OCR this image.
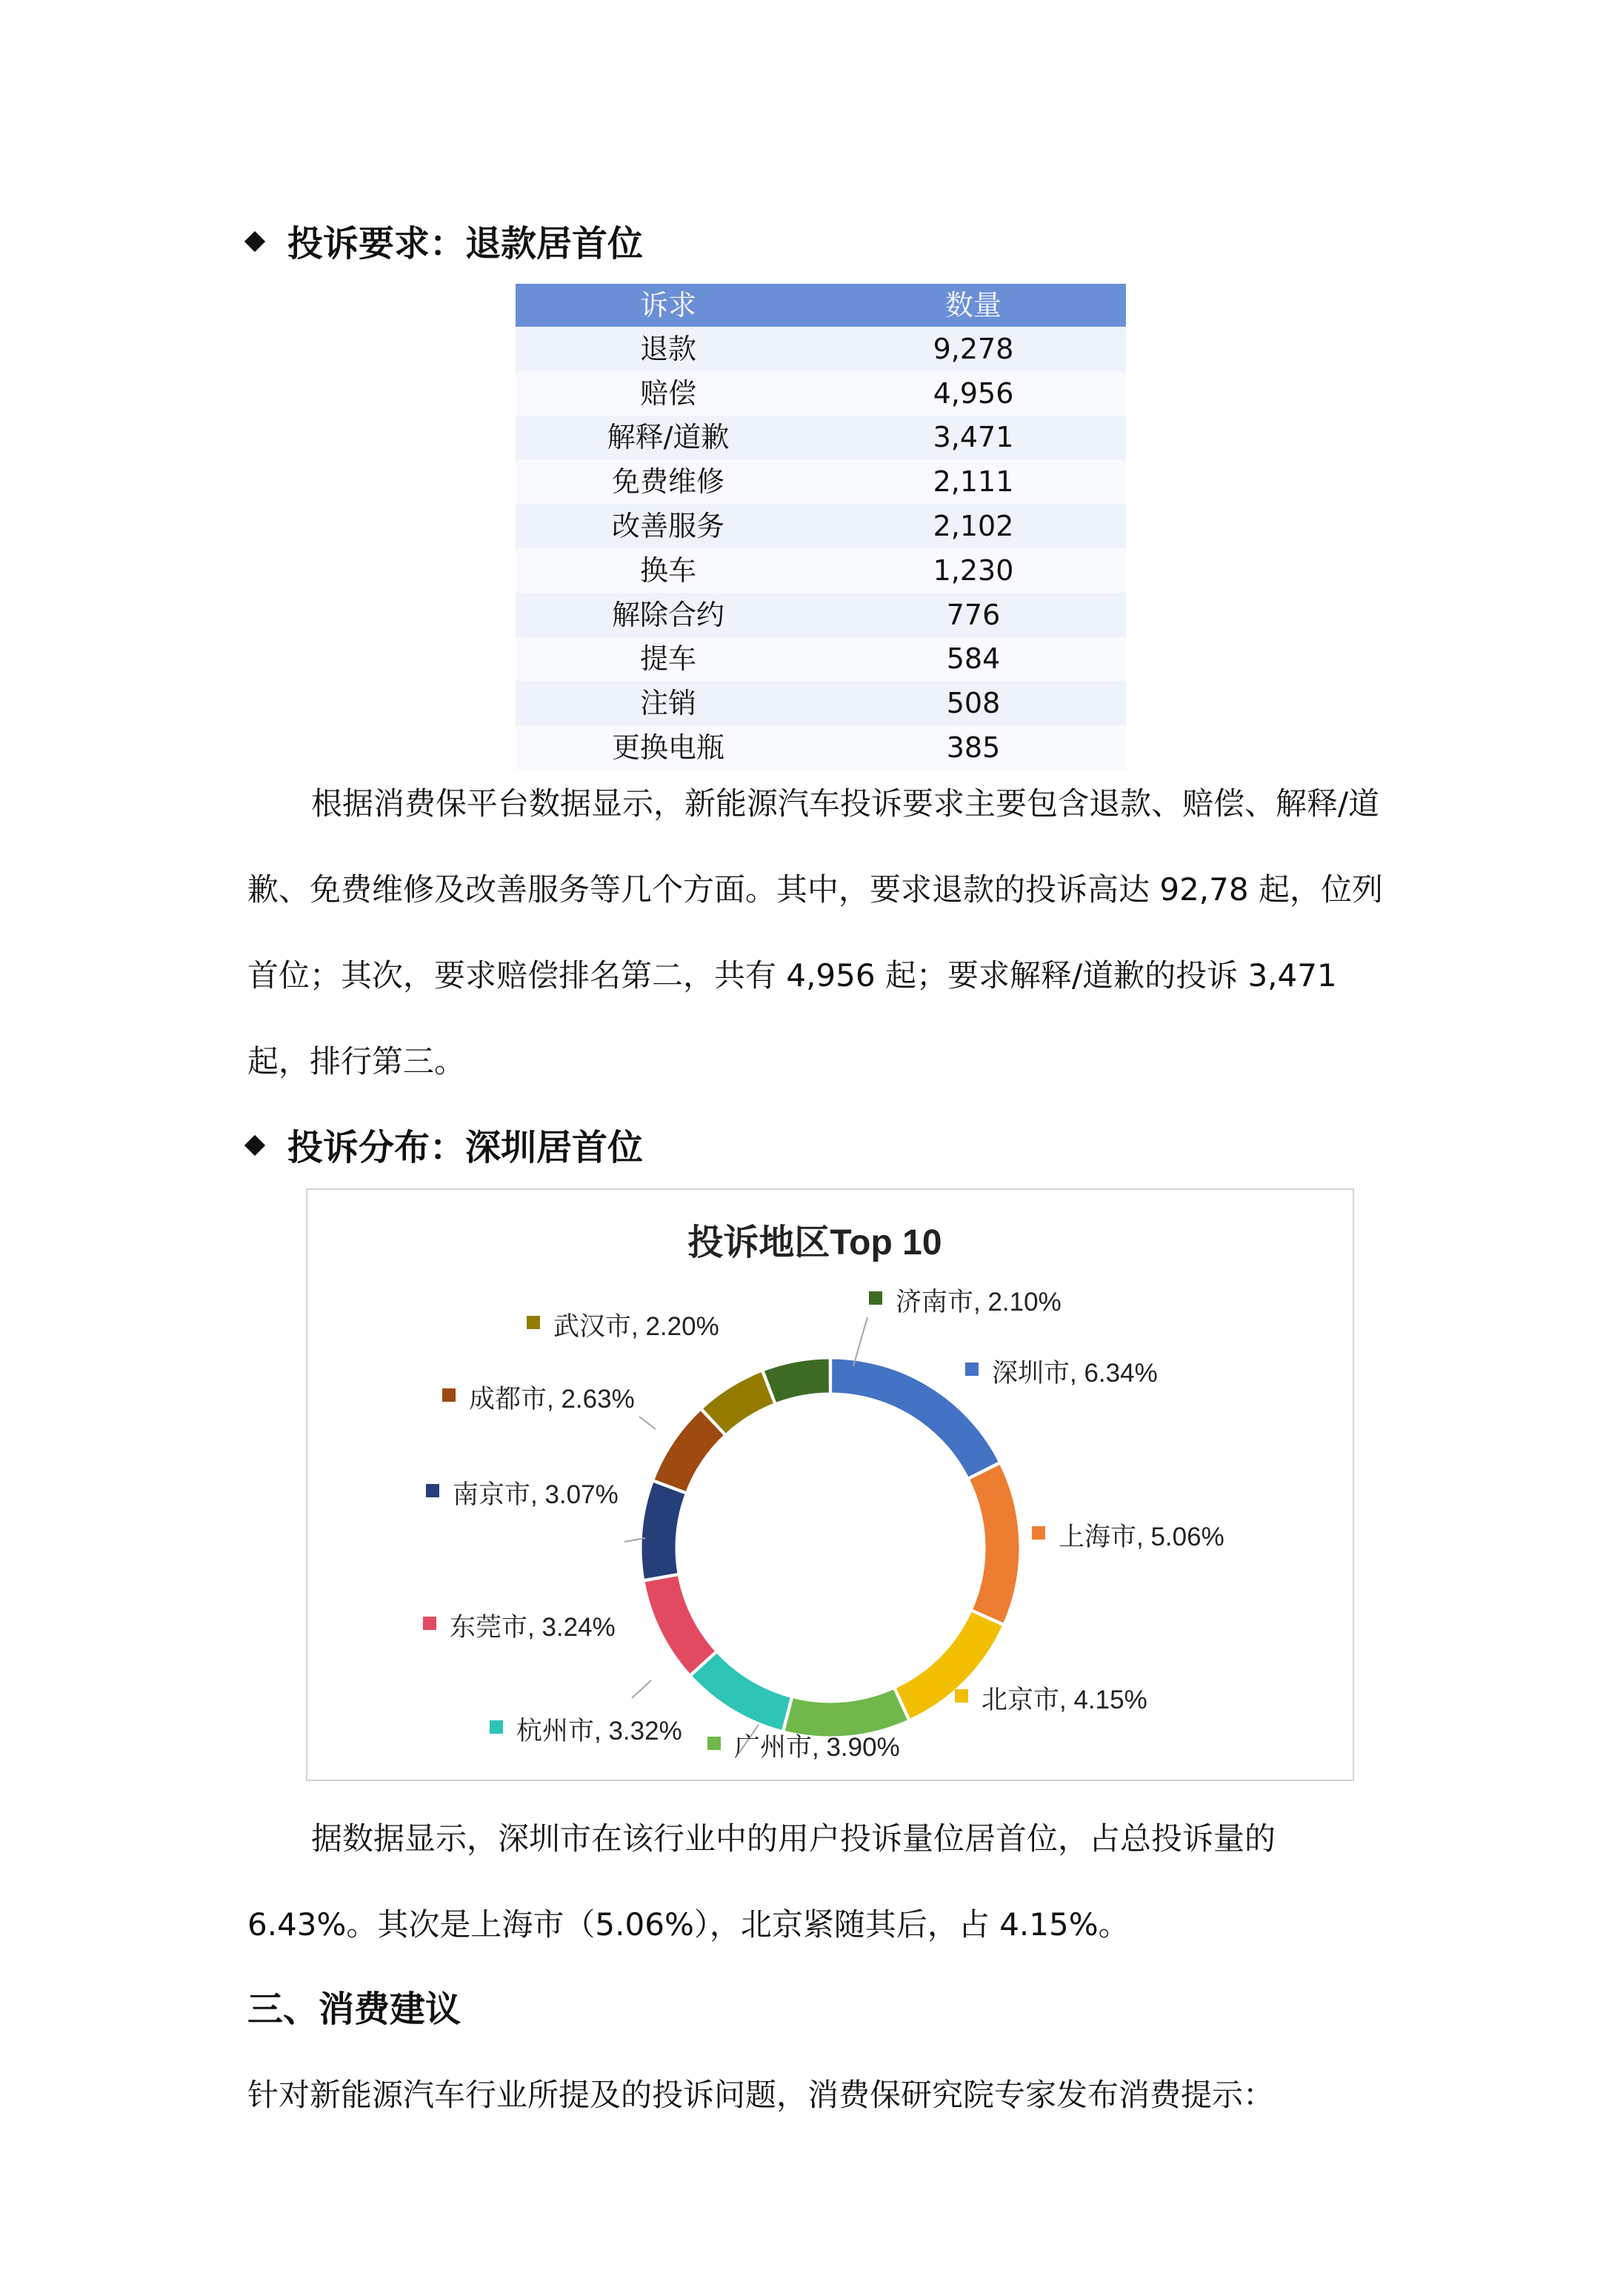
投诉要求：退款居首位
诉求	数量
退款	9,278
赔偿	4,956
解释/道歉	3,471
免费维修	2,111
改善服务	2,102
换车	1,230
解除合约	776
提车	584
注销	508
更换电瓶	385

根据消费保平台数据显示，新能源汽车投诉要求主要包含退款、赔偿、解释/道歉、免费维修及改善服务等几个方面。其中，要求退款的投诉高达 92,78 起，位列首位；其次，要求赔偿排名第二，共有 4,956 起；要求解释/道歉的投诉 3,471 起，排行第三。

投诉分布：深圳居首位
投诉地区Top 10
深圳市, 6.34%
上海市, 5.06%
北京市, 4.15%
广州市, 3.90%
杭州市, 3.32%
东莞市, 3.24%
南京市, 3.07%
成都市, 2.63%
武汉市, 2.20%
济南市, 2.10%

据数据显示，深圳市在该行业中的用户投诉量位居首位，占总投诉量的6.43%。其次是上海市（5.06%），北京紧随其后，占 4.15%。

三、消费建议

针对新能源汽车行业所提及的投诉问题，消费保研究院专家发布消费提示：
